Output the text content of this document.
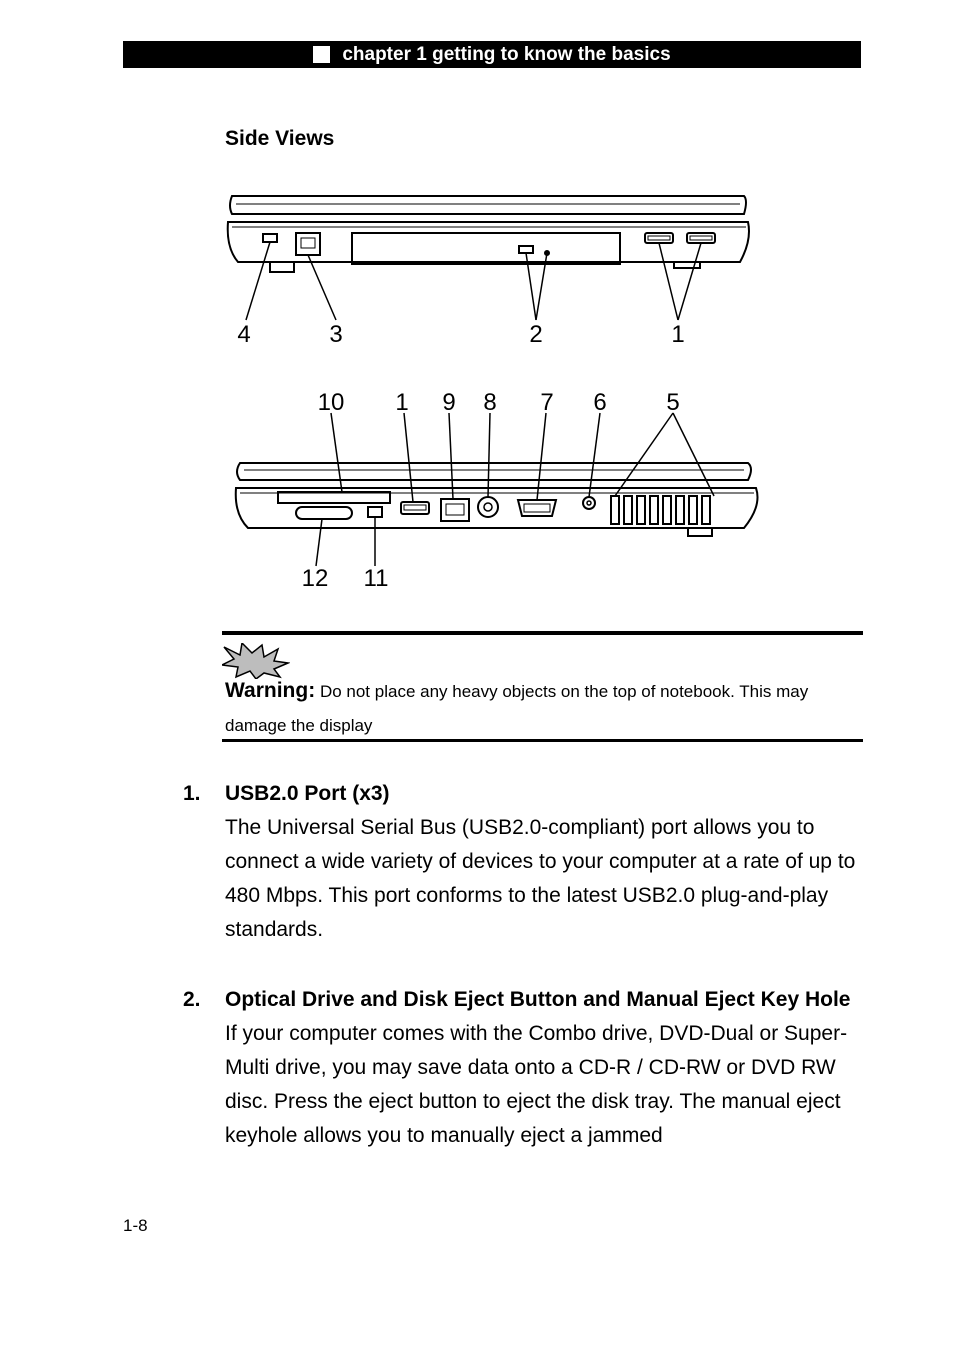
chapter 1 getting to know the basics
Side Views
4	3	2	1
10 1 9 8 7 6 5
12 11
Warning: Do not place any heavy objects on the top of notebook. This may damage the display
1. USB2.0 Port (x3)
The Universal Serial Bus (USB2.0-compliant) port allows you to connect a wide variety of devices to your computer at a rate of up to 480 Mbps. This port conforms to the latest USB2.0 plug-and-play standards.
2. Optical Drive and Disk Eject Button and Manual Eject Key Hole
If your computer comes with the Combo drive, DVD-Dual or Super-Multi drive, you may save data onto a CD-R / CD-RW or DVD RW disc. Press the eject button to eject the disk tray. The manual eject keyhole allows you to manually eject a jammed
1-8
